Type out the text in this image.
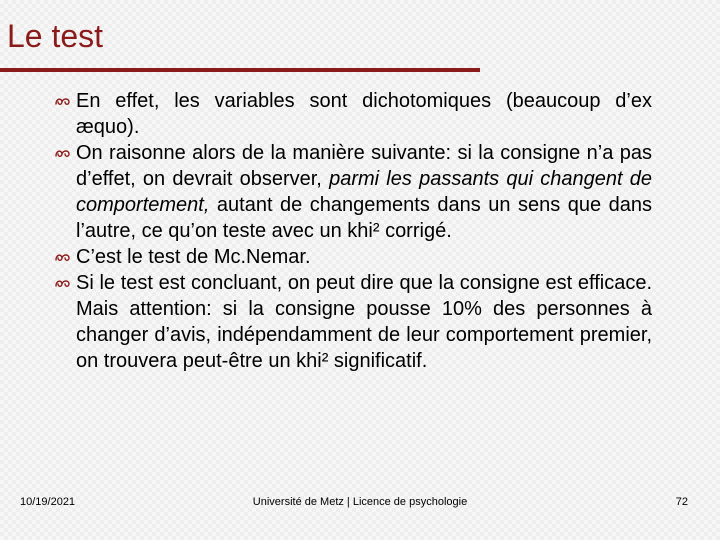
Le test
En effet, les variables sont dichotomiques (beaucoup d’ex æquo).
On raisonne alors de la manière suivante: si la consigne n’a pas d’effet, on devrait observer, parmi les passants qui changent de comportement, autant de changements dans un sens que dans l’autre, ce qu’on teste avec un khi² corrigé.
C’est le test de Mc.Nemar.
Si le test est concluant, on peut dire que la consigne est efficace. Mais attention: si la consigne pousse 10% des personnes à changer d’avis, indépendamment de leur comportement premier, on trouvera peut-être un khi² significatif.
10/19/2021	Université de Metz | Licence de psychologie	72
